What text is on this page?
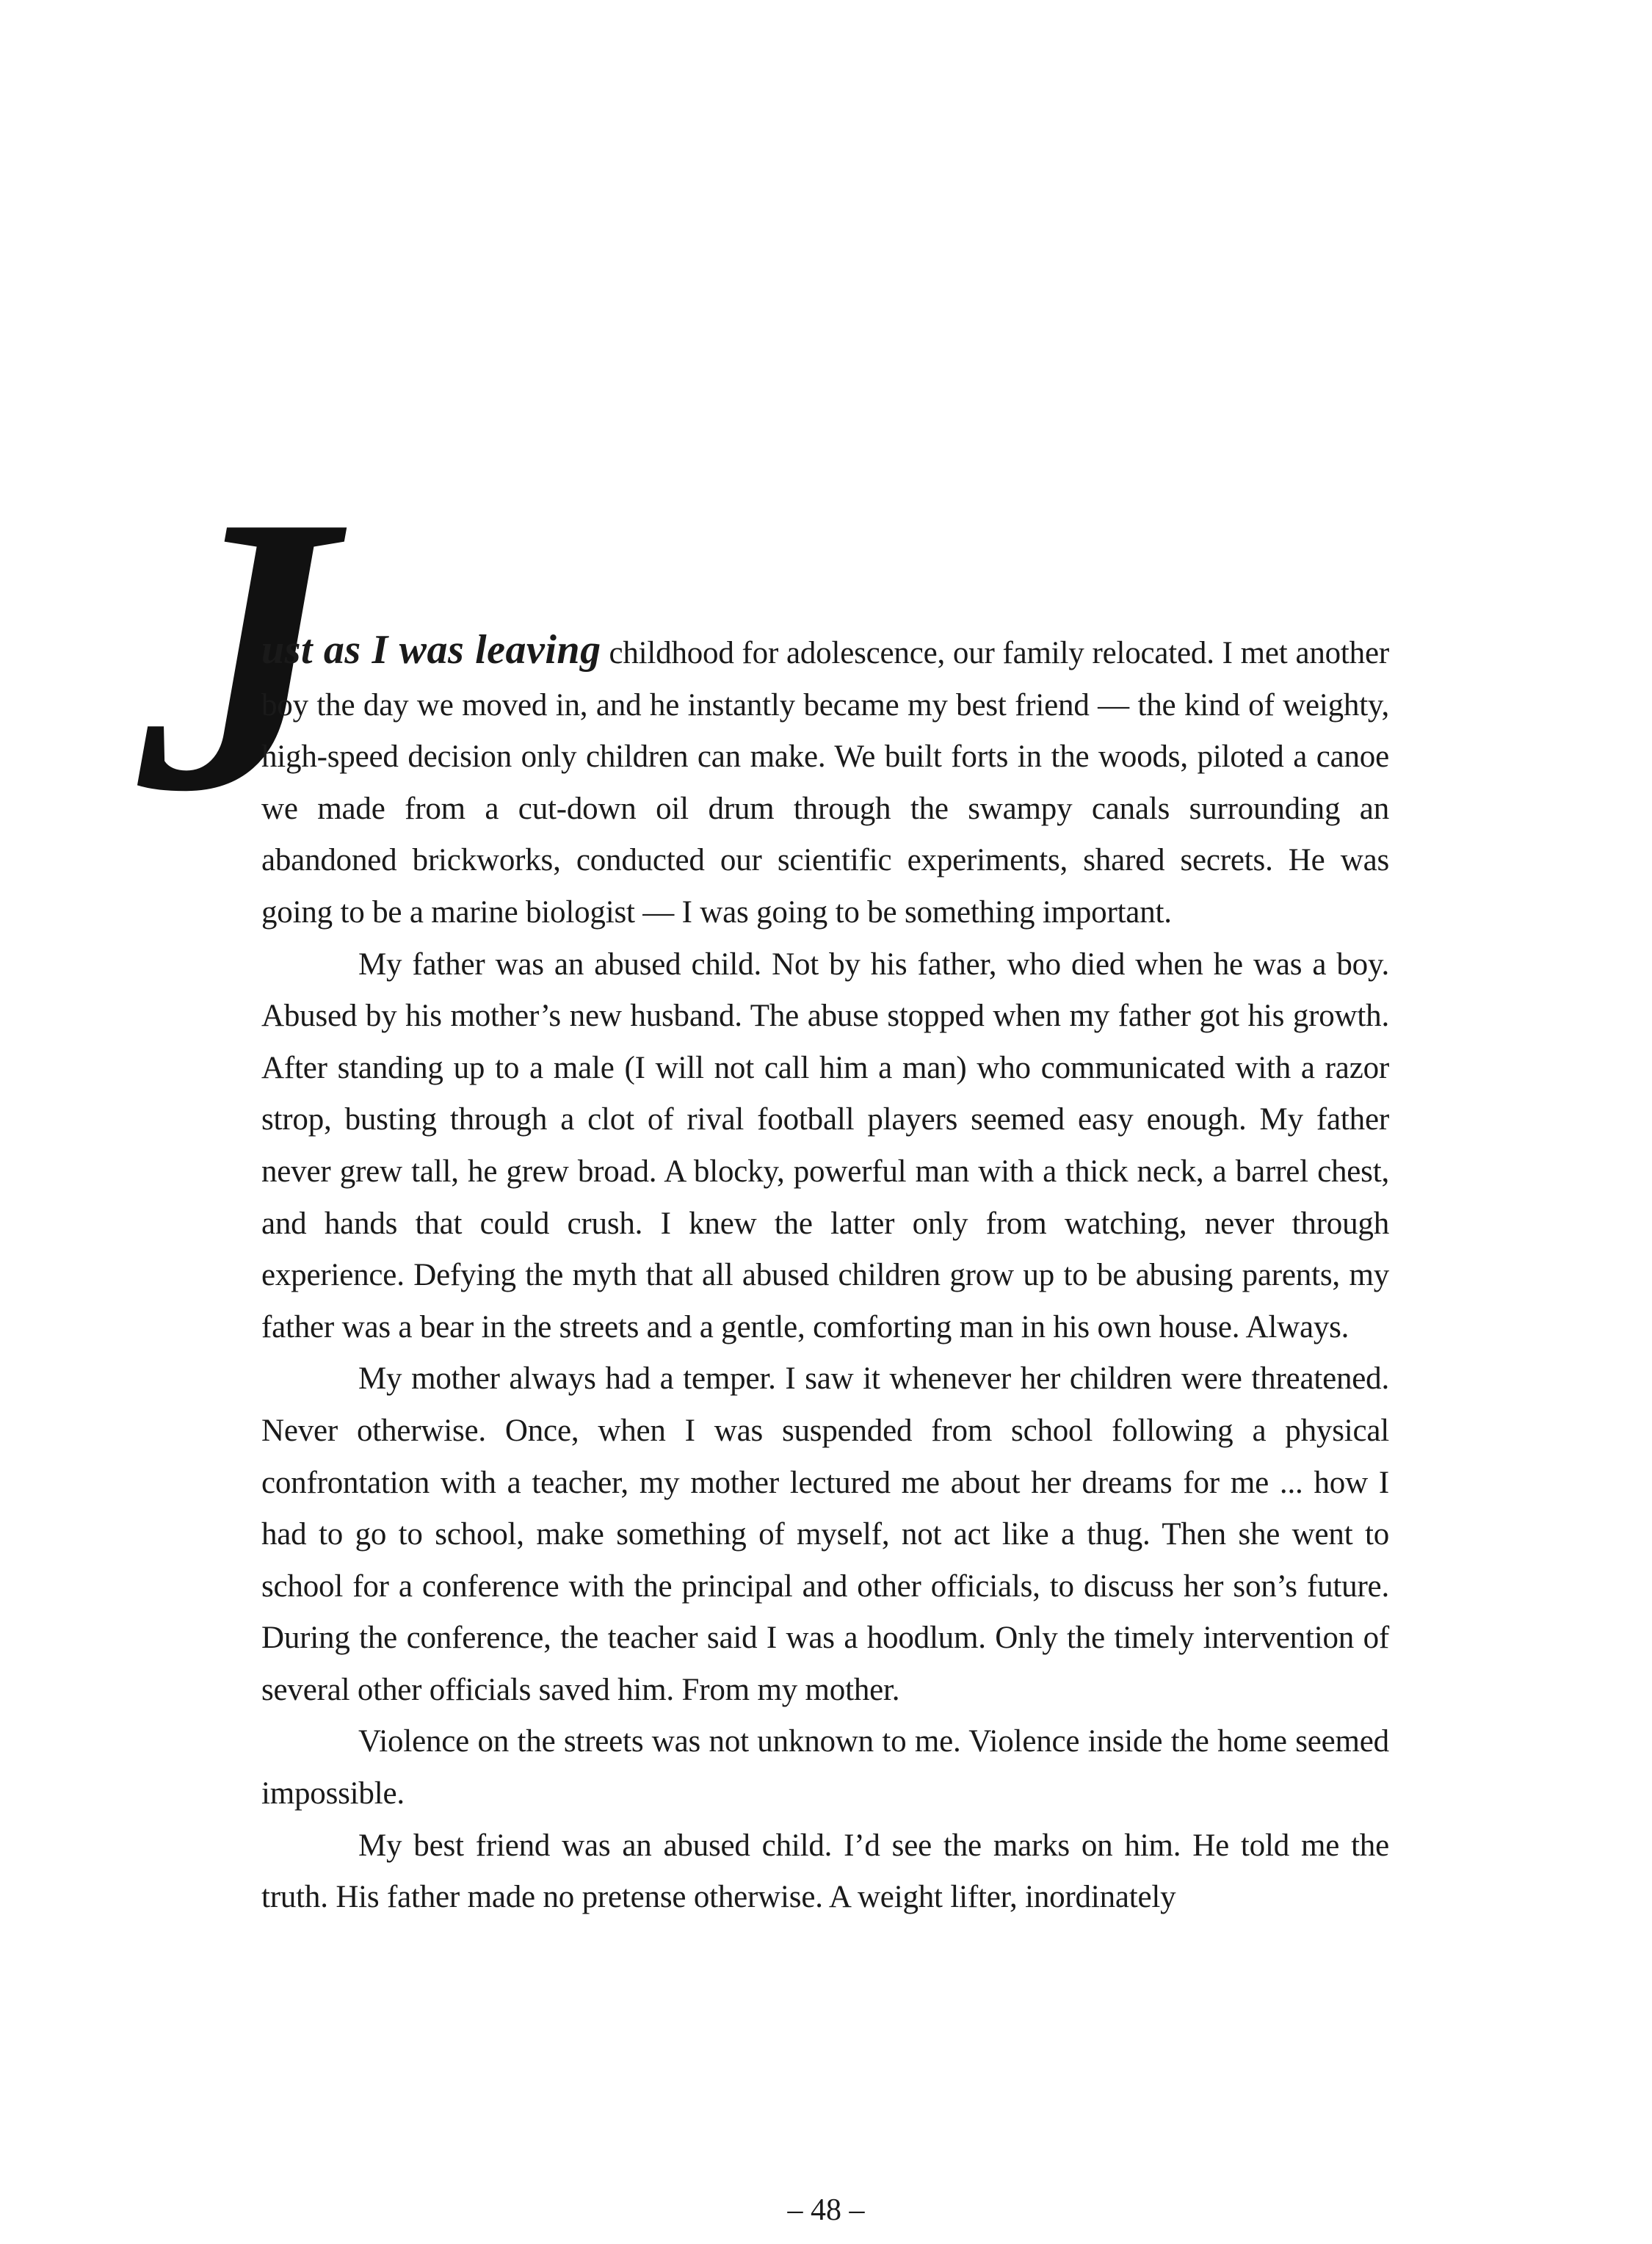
J

ust as I was leaving childhood for adolescence, our family relocated. I met another boy the day we moved in, and he instantly became my best friend — the kind of weighty, high-speed decision only children can make. We built forts in the woods, piloted a canoe we made from a cut-down oil drum through the swampy canals surrounding an abandoned brickworks, conducted our scientific experiments, shared secrets. He was going to be a marine biologist — I was going to be something important.

My father was an abused child. Not by his father, who died when he was a boy. Abused by his mother’s new husband. The abuse stopped when my father got his growth. After standing up to a male (I will not call him a man) who communicated with a razor strop, busting through a clot of rival football players seemed easy enough. My father never grew tall, he grew broad. A blocky, powerful man with a thick neck, a barrel chest, and hands that could crush. I knew the latter only from watching, never through experience. Defying the myth that all abused children grow up to be abusing parents, my father was a bear in the streets and a gentle, comforting man in his own house. Always.

My mother always had a temper. I saw it whenever her children were threatened. Never otherwise. Once, when I was suspended from school following a physical confrontation with a teacher, my mother lectured me about her dreams for me ... how I had to go to school, make something of myself, not act like a thug. Then she went to school for a conference with the principal and other officials, to discuss her son’s future. During the conference, the teacher said I was a hoodlum. Only the timely intervention of several other officials saved him. From my mother.

Violence on the streets was not unknown to me. Violence inside the home seemed impossible.

My best friend was an abused child. I’d see the marks on him. He told me the truth. His father made no pretense otherwise. A weight lifter, inordinately

– 48 –
